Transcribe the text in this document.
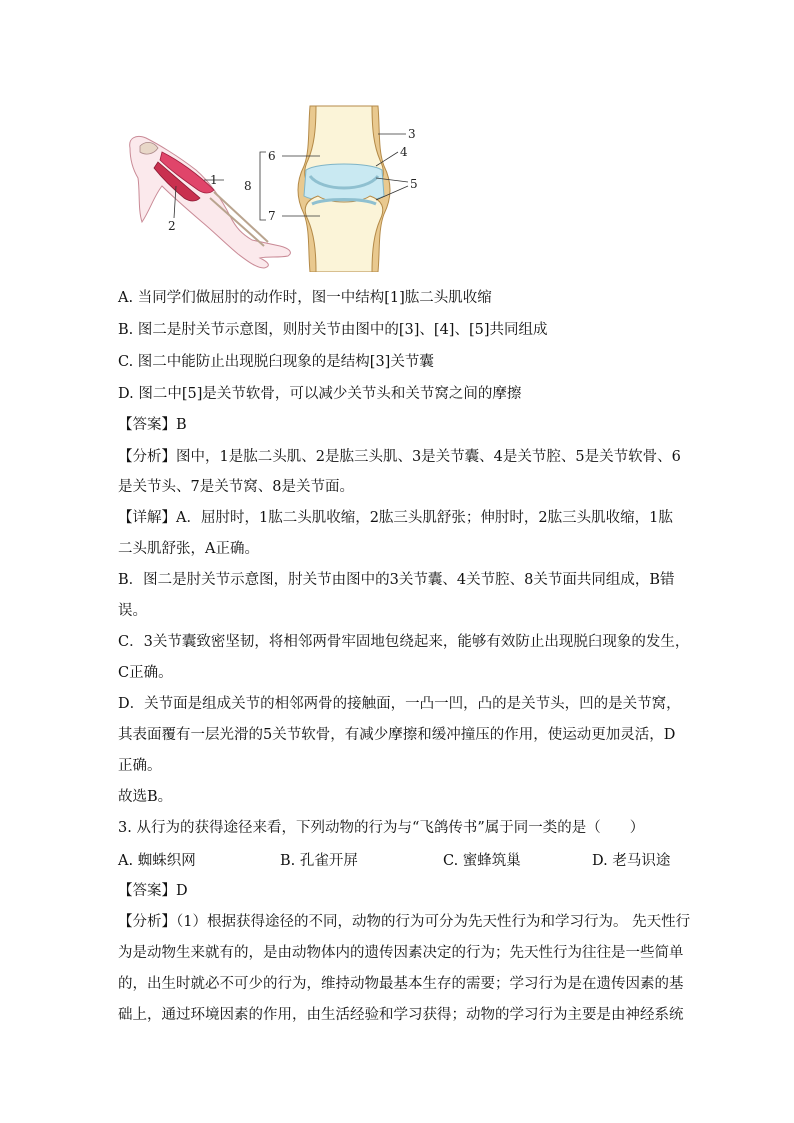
1
2
3
4
5
6
7
8
A. 当同学们做屈肘的动作时，图一中结构[1]肱二头肌收缩
B. 图二是肘关节示意图，则肘关节由图中的[3]、[4]、[5]共同组成
C. 图二中能防止出现脱臼现象的是结构[3]关节囊
D. 图二中[5]是关节软骨，可以减少关节头和关节窝之间的摩擦
【答案】B
【分析】图中，1是肱二头肌、2是肱三头肌、3是关节囊、4是关节腔、5是关节软骨、6
是关节头、7是关节窝、8是关节面。
【详解】A．屈肘时，1肱二头肌收缩，2肱三头肌舒张；伸肘时，2肱三头肌收缩，1肱
二头肌舒张，A正确。
B．图二是肘关节示意图，肘关节由图中的3关节囊、4关节腔、8关节面共同组成，B错
误。
C．3关节囊致密坚韧，将相邻两骨牢固地包绕起来，能够有效防止出现脱臼现象的发生，
C正确。
D．关节面是组成关节的相邻两骨的接触面，一凸一凹，凸的是关节头，凹的是关节窝，
其表面覆有一层光滑的5关节软骨，有减少摩擦和缓冲撞压的作用，使运动更加灵活，D
正确。
故选B。
3. 从行为的获得途径来看，下列动物的行为与“飞鸽传书”属于同一类的是（　　）
A. 蜘蛛织网	B. 孔雀开屏	C. 蜜蜂筑巢	D. 老马识途
【答案】D
【分析】（1）根据获得途径的不同，动物的行为可分为先天性行为和学习行为。 先天性行
为是动物生来就有的，是由动物体内的遗传因素决定的行为；先天性行为往往是一些简单
的，出生时就必不可少的行为，维持动物最基本生存的需要；学习行为是在遗传因素的基
础上，通过环境因素的作用，由生活经验和学习获得；动物的学习行为主要是由神经系统
